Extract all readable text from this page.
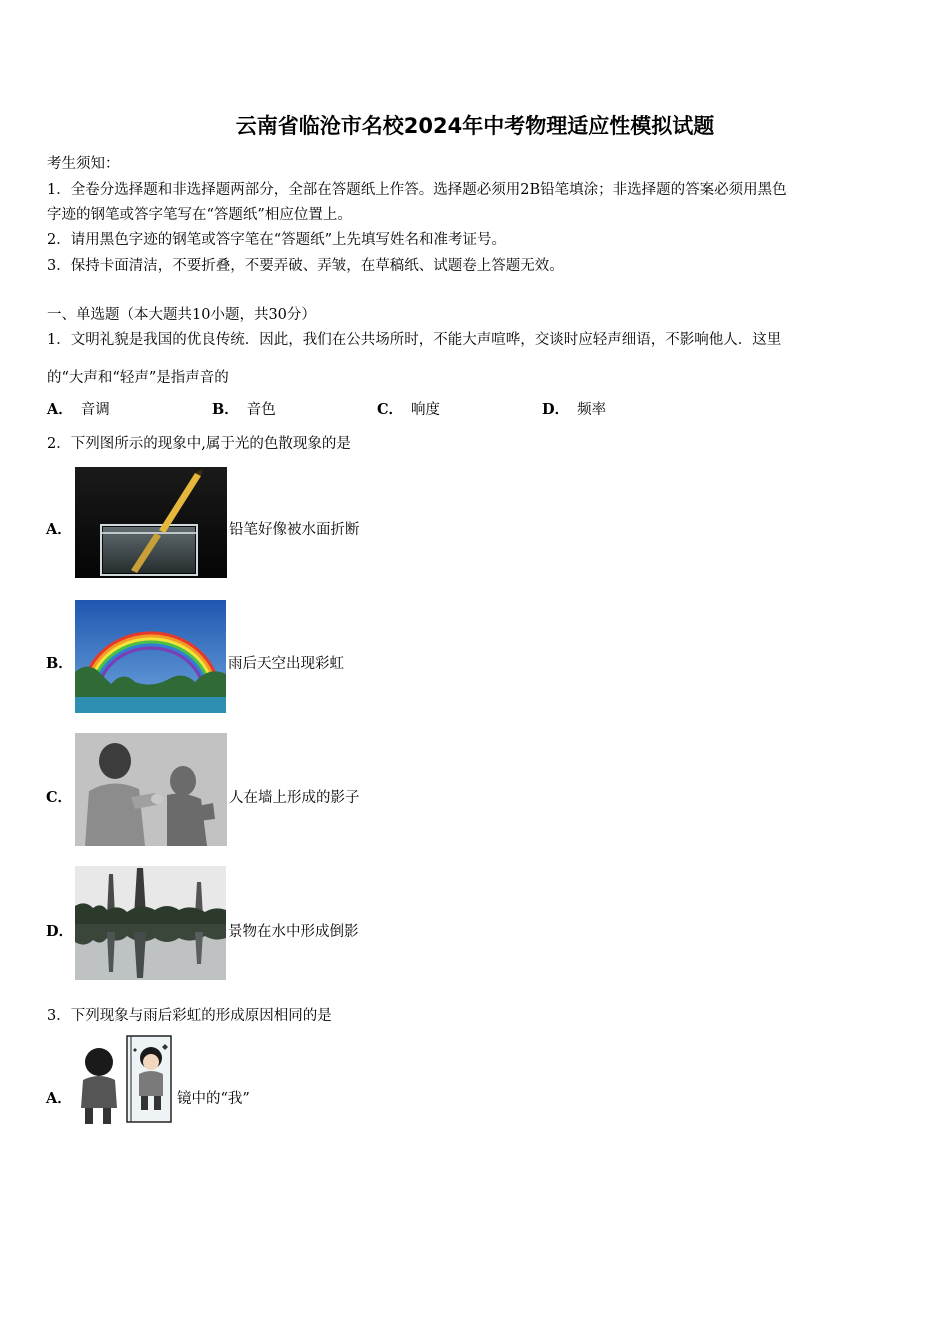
云南省临沧市名校2024年中考物理适应性模拟试题
考生须知：
1．全卷分选择题和非选择题两部分，全部在答题纸上作答。选择题必须用2B铅笔填涂；非选择题的答案必须用黑色
字迹的钢笔或答字笔写在“答题纸”相应位置上。
2．请用黑色字迹的钢笔或答字笔在“答题纸”上先填写姓名和准考证号。
3．保持卡面清洁，不要折叠，不要弄破、弄皱，在草稿纸、试题卷上答题无效。
一、单选题（本大题共10小题，共30分）
1．文明礼貌是我国的优良传统．因此，我们在公共场所时，不能大声喧哗，交谈时应轻声细语，不影响他人．这里
的“大声和“轻声”是指声音的
A． 音调	B． 音色	C． 响度	D． 频率
2．下列图所示的现象中,属于光的色散现象的是
A．	铅笔好像被水面折断
B．	雨后天空出现彩虹
C．	人在墙上形成的影子
D．	景物在水中形成倒影
3．下列现象与雨后彩虹的形成原因相同的是
A．	镜中的“我”
